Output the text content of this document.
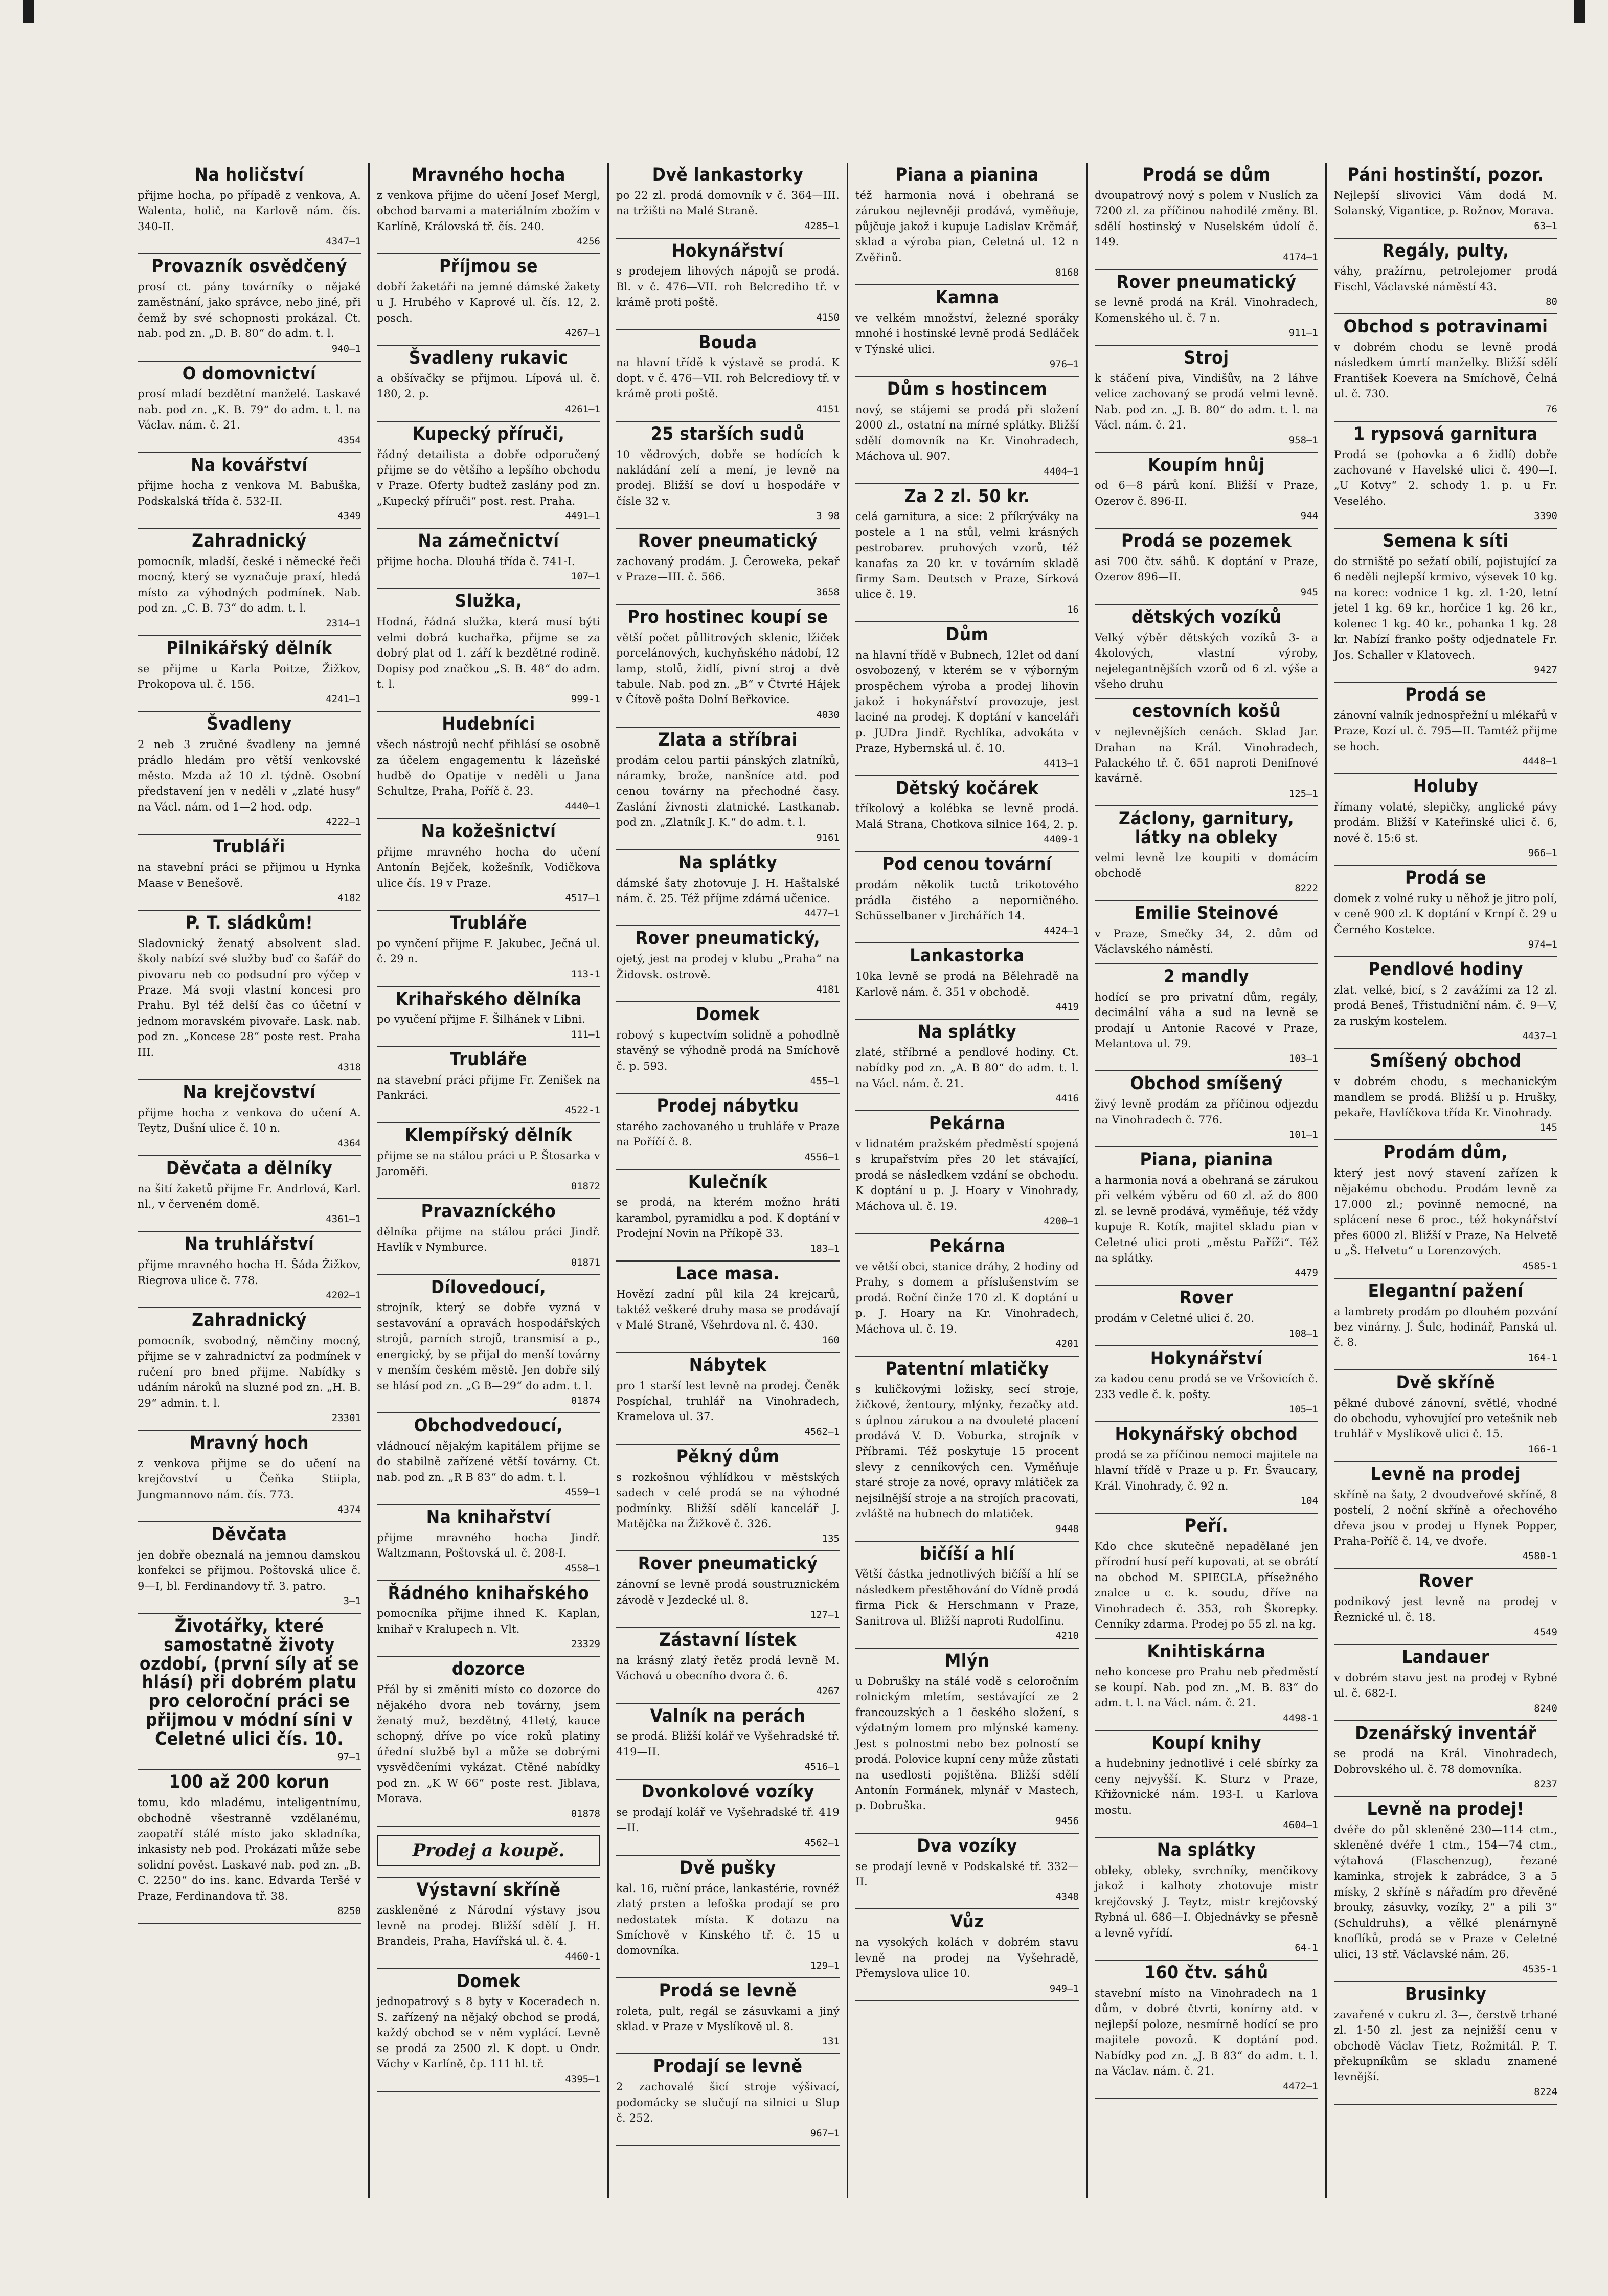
Na holičství

přijme hocha, po případě z venkova, A. Walenta, holič, na Karlově nám. čís. 340-II.

4347—1
Provazník osvědčený

prosí ct. pány továrníky o nějaké zaměstnání, jako správce, nebo jiné, při čemž by své schopnosti prokázal. Ct. nab. pod zn. „D. B. 80“ do adm. t. l.

940—1
O domovnictví

prosí mladí bezdětní manželé. Laskavé nab. pod zn. „K. B. 79“ do adm. t. l. na Václav. nám. č. 21.

4354
Na kovářství

přijme hocha z venkova M. Babuška, Podskalská třída č. 532-II.

4349
Zahradnický

pomocník, mladší, české i německé řeči mocný, který se vyznačuje praxí, hledá místo za výhodných podmínek. Nab. pod zn. „C. B. 73“ do adm. t. l.

2314—1
Pilnikářský dělník

se přijme u Karla Poitze, Žižkov, Prokopova ul. č. 156.

4241—1
Švadleny

2 neb 3 zručné švadleny na jemné prádlo hledám pro větší venkovské město. Mzda až 10 zl. týdně. Osobní představení jen v neděli v „zlaté husy“ na Václ. nám. od 1—2 hod. odp.

4222—1
Trubláři

na stavební práci se přijmou u Hynka Maase v Benešově.

4182
P. T. sládkům!

Sladovnický ženatý absolvent slad. školy nabízí své služby buď co šafář do pivovaru neb co podsudní pro výčep v Praze. Má svoji vlastní koncesi pro Prahu. Byl též delší čas co účetní v jednom moravském pivovaře. Lask. nab. pod zn. „Koncese 28“ poste rest. Praha III.

4318
Na krejčovství

přijme hocha z venkova do učení A. Teytz, Dušní ulice č. 10 n.

4364
Děvčata a dělníky

na šití žaketů přijme Fr. Andrlová, Karl. nl., v červeném domě.

4361—1
Na truhlářství

přijme mravného hocha H. Šáda Žižkov, Riegrova ulice č. 778.

4202—1
Zahradnický

pomocník, svobodný, němčiny mocný, přijme se v zahradnictví za podmínek v ručení pro bned přijme. Nabídky s udáním nároků na sluzné pod zn. „H. B. 29“ admin. t. l.

23301
Mravný hoch

z venkova přijme se do učení na krejčovství u Čeňka Stiipla, Jungmannovo nám. čís. 773.

4374
Děvčata

jen dobře obeznalá na jemnou damskou konfekci se přijmou. Poštovská ulice č. 9—I, bl. Ferdinandovy tř. 3. patro.

3—1
Životářky, které samostatně životy ozdobí, (první síly ať se hlásí) při dobrém platu pro celoroční práci se přijmou v módní síni v Celetné ulici čís. 10.
97—1
100 až 200 korun

tomu, kdo mladému, inteligentnímu, obchodně všestranně vzdělanému, zaopatří stálé místo jako skladníka, inkasisty neb pod. Prokázati může sebe solidní pověst. Laskavé nab. pod zn. „B. C. 2250“ do ins. kanc. Edvarda Teršé v Praze, Ferdinandova tř. 38.

8250
Mravného hocha

z venkova přijme do učení Josef Mergl, obchod barvami a materiálním zbožím v Karlíně, Královská tř. čís. 240.

4256
Příjmou se

dobří žaketáři na jemné dámské žakety u J. Hrubého v Kaprové ul. čís. 12, 2. posch.

4267—1
Švadleny rukavic

a obšívačky se přijmou. Lípová ul. č. 180, 2. p.

4261—1
Kupecký příruči,

řádný detailista a dobře odporučený přijme se do většího a lepšího obchodu v Praze. Oferty budtež zaslány pod zn. „Kupecký příruči“ post. rest. Praha.

4491—1
Na zámečnictví

přijme hocha. Dlouhá třída č. 741-I.

107—1
Služka,

Hodná, řádná služka, která musí býti velmi dobrá kuchařka, přijme se za dobrý plat od 1. září k bezdětné rodině. Dopisy pod značkou „S. B. 48“ do adm. t. l.

999-1
Hudebníci

všech nástrojů nechť přihlásí se osobně za účelem engagementu k lázeňské hudbě do Opatije v neděli u Jana Schultze, Praha, Poříč č. 23.

4440—1
Na kožešnictví

přijme mravného hocha do učení Antonín Bejček, kožešník, Vodičkova ulice čís. 19 v Praze.

4517—1
Trubláře

po vynčení přijme F. Jakubec, Ječná ul. č. 29 n.

113-1
Krihařského dělníka

po vyučení přijme F. Šilhánek v Libni.

111—1
Trubláře

na stavební práci přijme Fr. Zenišek na Pankráci.

4522-1
Klempířský dělník

přijme se na stálou práci u P. Štosarka v Jaroměři.

01872
Pravazníckého

dělníka přijme na stálou práci Jindř. Havlík v Nymburce.

01871
Dílovedoucí,

strojník, který se dobře vyzná v sestavování a opravách hospodářských strojů, parních strojů, transmisí a p., energický, by se přijal do menší továrny v menším českém městě. Jen dobře silý se hlásí pod zn. „G B—29“ do adm. t. l.

01874
Obchodvedoucí,

vládnoucí nějakým kapitálem přijme se do stabilně zařízené větší továrny. Ct. nab. pod zn. „R B 83“ do adm. t. l.

4559—1
Na knihařství

přijme mravného hocha Jindř. Waltzmann, Poštovská ul. č. 208-I.

4558—1
Řádného knihařského

pomocníka přijme ihned K. Kaplan, knihař v Kralupech n. Vlt.

23329
dozorce

Přál by si změniti místo co dozorce do nějakého dvora neb továrny, jsem ženatý muž, bezdětný, 41letý, kauce schopný, dříve po více roků platiny úřední službě byl a může se dobrými vysvědčeními vykázat. Ctěné nabídky pod zn. „K W 66“ poste rest. Jiblava, Morava.

01878
Prodej a koupě.
Výstavní skříně

zaskleněné z Národní výstavy jsou levně na prodej. Bližší sdělí J. H. Brandeis, Praha, Havířská ul. č. 4.

4460-1
Domek

jednopatrový s 8 byty v Koceradech n. S. zařízený na nějaký obchod se prodá, každý obchod se v něm vyplácí. Levně se prodá za 2500 zl. K dopt. u Ondr. Váchy v Karlíně, čp. 111 hl. tř.

4395—1
Dvě lankastorky

po 22 zl. prodá domovník v č. 364—III. na tržišti na Malé Straně.

4285—1
Hokynářství

s prodejem lihových nápojů se prodá. Bl. v č. 476—VII. roh Belcrediho tř. v krámě proti poště.

4150
Bouda

na hlavní třídě k výstavě se prodá. K dopt. v č. 476—VII. roh Belcrediovy tř. v krámě proti poště.

4151
25 starších sudů

10 vědrových, dobře se hodících k nakládání zelí a mení, je levně na prodej. Bližší se doví u hospodáře v čísle 32 v.

3 98
Rover pneumatický

zachovaný prodám. J. Čeroweka, pekař v Praze—III. č. 566.

3658
Pro hostinec koupí se

větší počet půllitrových sklenic, lžiček porcelánových, kuchyňského nádobí, 12 lamp, stolů, židlí, pivní stroj a dvě tabule. Nab. pod zn. „B“ v Čtvrté Hájek v Čítově pošta Dolní Beřkovice.

4030
Zlata a stříbrai

prodám celou partii pánských zlatníků, náramky, brože, nanšníce atd. pod cenou továrny na přechodné časy. Zaslání živnosti zlatnické. Lastkanab. pod zn. „Zlatník J. K.“ do adm. t. l.

9161
Na splátky

dámské šaty zhotovuje J. H. Haštalské nám. č. 25. Též příjme zdárná učenice.

4477—1
Rover pneumatický,

ojetý, jest na prodej v klubu „Praha“ na Židovsk. ostrově.

4181
Domek

robový s kupectvím solidně a pohodlně stavěný se výhodně prodá na Smíchově č. p. 593.

455—1
Prodej nábytku

starého zachovaného u truhláře v Praze na Poříčí č. 8.

4556—1
Kulečník

se prodá, na kterém možno hráti karambol, pyramidku a pod. K doptání v Prodejní Novin na Příkopě 33.

183—1
Lace masa.

Hovězí zadní půl kila 24 krejcarů, taktéž veškeré druhy masa se prodávají v Malé Straně, Všehrdova nl. č. 430.

160
Nábytek

pro 1 starší lest levně na prodej. Čeněk Pospíchal, truhlář na Vinohradech, Kramelova ul. 37.

4562—1
Pěkný dům

s rozkošnou výhlídkou v městských sadech v celé prodá se na výhodné podmínky. Bližší sdělí kancelář J. Matějčka na Žižkově č. 326.

135
Rover pneumatický

zánovní se levně prodá soustruznickém závodě v Jezdecké ul. 8.

127—1
Zástavní lístek

na krásný zlatý řetěz prodá levně M. Váchová u obecního dvora č. 6.

4267
Valník na perách

se prodá. Bližší kolář ve Vyšehradské tř. 419—II.

4516—1
Dvonkolové vozíky

se prodají kolář ve Vyšehradské tř. 419—II.

4562—1
Dvě pušky

kal. 16, ruční práce, lankastérie, rovnéž zlatý prsten a lefoška prodají se pro nedostatek místa. K dotazu na Smíchově v Kinského tř. č. 15 u domovníka.

129—1
Prodá se levně

roleta, pult, regál se zásuvkami a jiný sklad. v Praze v Myslíkově ul. 8.

131
Prodají se levně

2 zachovalé šicí stroje výšivací, podomácky se slučují na silnici u Slup č. 252.

967—1
Piana a pianina

též harmonia nová i obehraná se zárukou nejlevněji prodává, vyměňuje, půjčuje jakož i kupuje Ladislav Krčmář, sklad a výroba pian, Celetná ul. 12 n Zvěřinů.

8168
Kamna

ve velkém množství, železné sporáky mnohé i hostinské levně prodá Sedláček v Týnské ulici.

976—1
Dům s hostincem

nový, se stájemi se prodá při složení 2000 zl., ostatní na mírné splátky. Bližší sdělí domovník na Kr. Vinohradech, Máchova ul. 907.

4404—1
Za 2 zl. 50 kr.

celá garnitura, a sice: 2 příkrýváky na postele a 1 na stůl, velmi krásných pestrobarev. pruhových vzorů, též kanafas za 20 kr. v továrním skladě firmy Sam. Deutsch v Praze, Sírková ulice č. 19.

16
Dům

na hlavní třídě v Bubnech, 12let od daní osvobozený, v kterém se v výborným prospěchem výroba a prodej lihovin jakož i hokynářství provozuje, jest laciné na prodej. K doptání v kanceláři p. JUDra Jindř. Rychlíka, advokáta v Praze, Hybernská ul. č. 10.

4413—1
Dětský kočárek

tříkolový a kolébka se levně prodá. Malá Strana, Chotkova silnice 164, 2. p.

4409-1
Pod cenou tovární

prodám několik tuctů trikotového prádla čistého a neporničného. Schüsselbaner v Jirchářích 14.

4424—1
Lankastorka

10ka levně se prodá na Bělehradě na Karlově nám. č. 351 v obchodě.

4419
Na splátky

zlaté, stříbrné a pendlové hodiny. Ct. nabídky pod zn. „A. B 80“ do adm. t. l. na Václ. nám. č. 21.

4416
Pekárna

v lidnatém pražském předměstí spojená s krupařstvím přes 20 let stávající, prodá se následkem vzdání se obchodu. K doptání u p. J. Hoary v Vinohrady, Máchova ul. č. 19.

4200—1
Pekárna

ve větší obci, stanice dráhy, 2 hodiny od Prahy, s domem a příslušenstvím se prodá. Roční činže 170 zl. K doptání u p. J. Hoary na Kr. Vinohradech, Máchova ul. č. 19.

4201
Patentní mlatičky

s kuličkovými ložisky, secí stroje, žičkové, žentoury, mlýnky, řezačky atd. s úplnou zárukou a na dvouleté placení prodává V. D. Voburka, strojník v Příbrami. Též poskytuje 15 procent slevy z cenníkových cen. Vyměňuje staré stroje za nové, opravy mlátiček za nejsilnější stroje a na strojích pracovati, zvláště na hubnech do mlatiček.

9448
bičíší a hlí

Větší částka jednotlivých bičíší a hlí se následkem přestěhování do Vídně prodá firma Pick & Herschmann v Praze, Sanitrova ul. Bližší naproti Rudolfinu.

4210
Mlýn

u Dobrušky na stálé vodě s celoročním rolnickým mletím, sestávající ze 2 francouzských a 1 českého složení, s výdatným lomem pro mlýnské kameny. Jest s polnostmi nebo bez polností se prodá. Polovice kupní ceny může zůstati na usedlosti pojištěna. Bližší sdělí Antonín Formánek, mlynář v Mastech, p. Dobruška.

9456
Dva vozíky

se prodají levně v Podskalské tř. 332—II.

4348
Vůz

na vysokých kolách v dobrém stavu levně na prodej na Vyšehradě, Přemyslova ulice 10.

949—1
Prodá se dům

dvoupatrový nový s polem v Nuslích za 7200 zl. za příčinou nahodilé změny. Bl. sdělí hostinský v Nuselském údolí č. 149.

4174—1
Rover pneumatický

se levně prodá na Král. Vinohradech, Komenského ul. č. 7 n.

911—1
Stroj

k stáčení piva, Vindišův, na 2 láhve velice zachovaný se prodá velmi levně. Nab. pod zn. „J. B. 80“ do adm. t. l. na Václ. nám. č. 21.

958—1
Koupím hnůj

od 6—8 párů koní. Bližší v Praze, Ozerov č. 896-II.

944
Prodá se pozemek

asi 700 čtv. sáhů. K doptání v Praze, Ozerov 896—II.

945
dětských vozíků

Velký výběr dětských vozíků 3- a 4kolových, vlastní výroby, nejelegantnějších vzorů od 6 zl. výše a všeho druhu

cestovních košů

v nejlevnějších cenách. Sklad Jar. Drahan na Král. Vinohradech, Palackého tř. č. 651 naproti Denifnové kavárně.

125—1
Záclony, garnitury, látky na obleky

velmi levně lze koupiti v domácím obchodě

8222
Emilie Steinové

v Praze, Smečky 34, 2. dům od Václavského náměstí.

2 mandly

hodící se pro privatní dům, regály, decimální váha a sud na levně se prodají u Antonie Racové v Praze, Melantova ul. 79.

103—1
Obchod smíšený

živý levně prodám za příčinou odjezdu na Vinohradech č. 776.

101—1
Piana, pianina

a harmonia nová a obehraná se zárukou při velkém výběru od 60 zl. až do 800 zl. se levně prodává, vyměňuje, též vždy kupuje R. Kotík, majitel skladu pian v Celetné ulici proti „městu Paříži“. Též na splátky.

4479
Rover

prodám v Celetné ulici č. 20.

108—1
Hokynářství

za kadou cenu prodá se ve Vršovicích č. 233 vedle č. k. pošty.

105—1
Hokynářský obchod

prodá se za příčinou nemoci majitele na hlavní třídě v Praze u p. Fr. Švaucary, Král. Vinohrady, č. 92 n.

104
Peří.

Kdo chce skutečně nepadělané jen přírodní husí peří kupovati, at se obrátí na obchod M. SPIEGLA, přísežného znalce u c. k. soudu, dříve na Vinohradech č. 353, roh Škorepky. Cenníky zdarma. Prodej po 55 zl. na kg.

Knihtiskárna

neho koncese pro Prahu neb předměstí se koupí. Nab. pod zn. „M. B. 83“ do adm. t. l. na Václ. nám. č. 21.

4498-1
Koupí knihy

a hudebniny jednotlivé i celé sbírky za ceny nejvyšší. K. Sturz v Praze, Křižovnické nám. 193-I. u Karlova mostu.

4604—1
Na splátky

obleky, obleky, svrchníky, menčikovy jakož i kalhoty zhotovuje mistr krejčovský J. Teytz, mistr krejčovský Rybná ul. 686—I. Objednávky se přesně a levně vyřídí.

64-1
160 čtv. sáhů

stavební místo na Vinohradech na 1 dům, v dobré čtvrti, konírny atd. v nejlepší poloze, nesmírně hodící se pro majitele povozů. K doptání pod. Nabídky pod zn. „J. B 83“ do adm. t. l. na Václav. nám. č. 21.

4472—1
Páni hostinští, pozor.

Nejlepší slivovici Vám dodá M. Solanský, Vigantice, p. Rožnov, Morava.

63—1
Regály, pulty,

váhy, pražírnu, petrolejomer prodá Fischl, Václavské náměstí 43.

80
Obchod s potravinami

v dobrém chodu se levně prodá následkem úmrtí manželky. Bližší sdělí František Koevera na Smíchově, Čelná ul. č. 730.

76
1 rypsová garnitura

Prodá se (pohovka a 6 židlí) dobře zachované v Havelské ulici č. 490—I. „U Kotvy“ 2. schody 1. p. u Fr. Veselého.

3390
Semena k síti

do strniště po sežatí obilí, pojistující za 6 neděli nejlepší krmivo, výsevek 10 kg. na korec: vodnice 1 kg. zl. 1·20, letní jetel 1 kg. 69 kr., horčice 1 kg. 26 kr., kolenec 1 kg. 40 kr., pohanka 1 kg. 28 kr. Nabízí franko pošty odjednatele Fr. Jos. Schaller v Klatovech.

9427
Prodá se

zánovní valník jednospřežní u mlékařů v Praze, Kozí ul. č. 795—II. Tamtéž přijme se hoch.

4448—1
Holuby

římany volaté, slepičky, anglické pávy prodám. Bližší v Kateřinské ulici č. 6, nové č. 15:6 st.

966—1
Prodá se

domek z volné ruky u něhož je jitro polí, v ceně 900 zl. K doptání v Krnpí č. 29 u Černého Kostelce.

974—1
Pendlové hodiny

zlat. velké, bicí, s 2 zavážími za 12 zl. prodá Beneš, Třistudniční nám. č. 9—V, za ruským kostelem.

4437—1
Smíšený obchod

v dobrém chodu, s mechanickým mandlem se prodá. Bližší u p. Hrušky, pekaře, Havlíčkova třída Kr. Vinohrady.

145
Prodám dům,

který jest nový stavení zařízen k nějakému obchodu. Prodám levně za 17.000 zl.; povinně nemocné, na splácení nese 6 proc., též hokynářství přes 6000 zl. Bližší v Praze, Na Helvetě u „Š. Helvetu“ u Lorenzových.

4585-1
Elegantní pažení

a lambrety prodám po dlouhém pozvání bez vinárny. J. Šulc, hodinář, Panská ul. č. 8.

164-1
Dvě skříně

pěkné dubové zánovní, světlé, vhodné do obchodu, vyhovující pro vetešnik neb truhlář v Myslíkově ulici č. 15.

166-1
Levně na prodej

skříně na šaty, 2 dvoudveřové skříně, 8 postelí, 2 noční skříně a ořechového dřeva jsou v prodej u Hynek Popper, Praha-Poříč č. 14, ve dvoře.

4580-1
Rover

podnikový jest levně na prodej v Řeznické ul. č. 18.

4549
Landauer

v dobrém stavu jest na prodej v Rybné ul. č. 682-I.

8240
Dzenářský inventář

se prodá na Král. Vinohradech, Dobrovského ul. č. 78 domovníka.

8237
Levně na prodej!

dvéře do půl skleněné 230—114 ctm., skleněné dvéře 1 ctm., 154—74 ctm., výtahová (Flaschenzug), řezané kaminka, strojek k zabrádce, 3 a 5 mísky, 2 skříně s nářadím pro dřevěné brouky, zásuvky, vozíky, 2“ a pili 3“ (Schuldruhs), a vělké plenárnyně knoflíků, prodá se v Praze v Celetné ulici, 13 stř. Václavské nám. 26.

4535-1
Brusinky

zavařené v cukru zl. 3—, čerstvě trhané zl. 1·50 zl. jest za nejnižší cenu v obchodě Václav Tietz, Rožmitál. P. T. překupníkům se skladu znamené levnější.

8224
